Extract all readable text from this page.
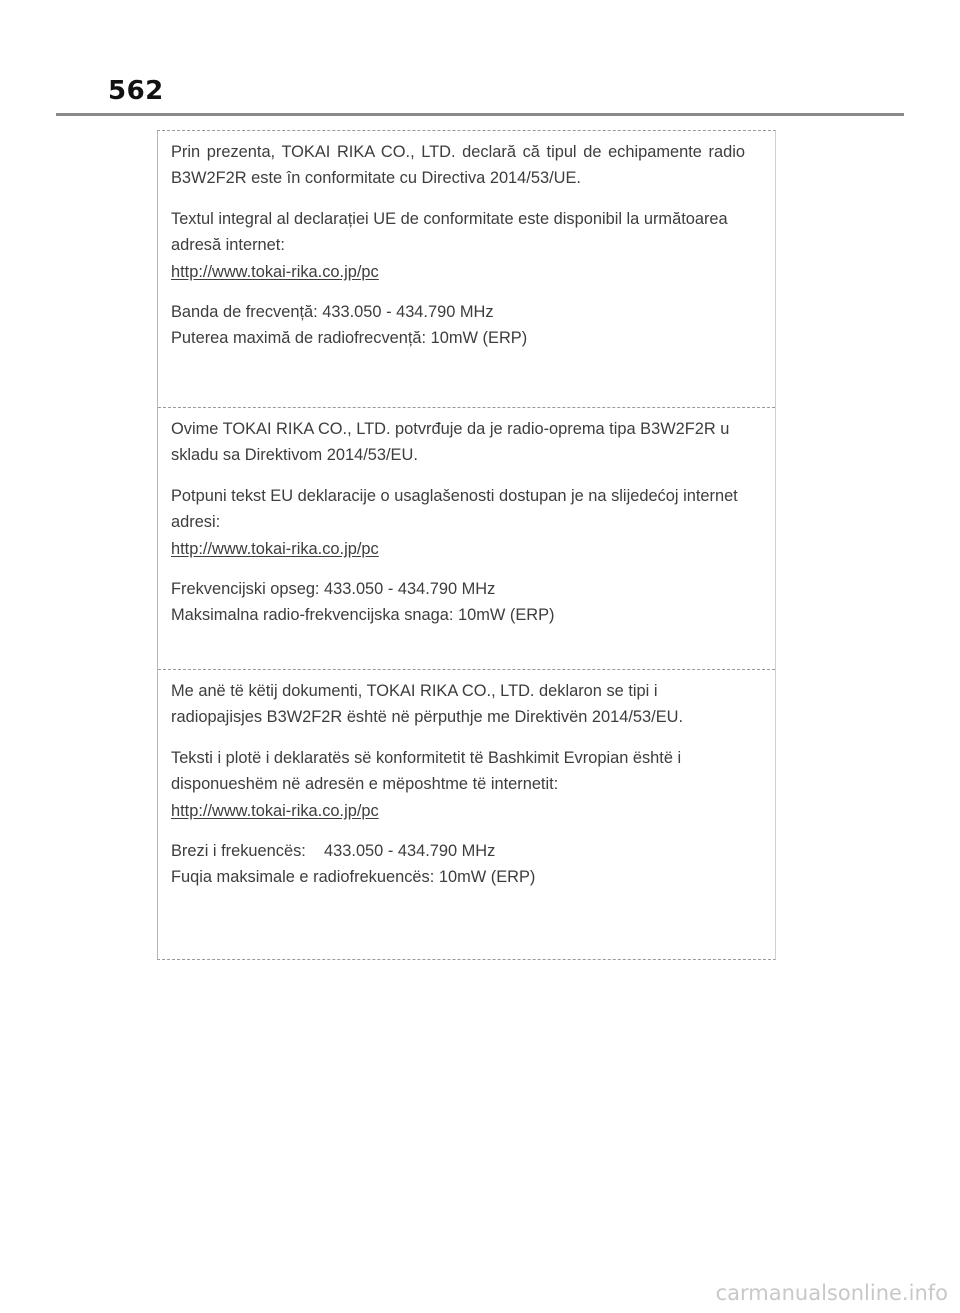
562

Prin prezenta, TOKAI RIKA CO., LTD. declară că tipul de echipamente radio B3W2F2R este în conformitate cu Directiva 2014/53/UE.

Textul integral al declarației UE de conformitate este disponibil la următoarea adresă internet:
http://www.tokai-rika.co.jp/pc

Banda de frecvență: 433.050 - 434.790 MHz
Puterea maximă de radiofrecvență: 10mW (ERP)

Ovime TOKAI RIKA CO., LTD. potvrđuje da je radio-oprema tipa B3W2F2R u skladu sa Direktivom 2014/53/EU.

Potpuni tekst EU deklaracije o usaglašenosti dostupan je na slijedećoj internet adresi:
http://www.tokai-rika.co.jp/pc

Frekvencijski opseg: 433.050 - 434.790 MHz
Maksimalna radio-frekvencijska snaga: 10mW (ERP)

Me anë të këtij dokumenti, TOKAI RIKA CO., LTD. deklaron se tipi i radiopajisjes B3W2F2R është në përputhje me Direktivën 2014/53/EU.

Teksti i plotë i deklaratës së konformitetit të Bashkimit Evropian është i disponueshëm në adresën e mëposhtme të internetit:
http://www.tokai-rika.co.jp/pc

Brezi i frekuencës:    433.050 - 434.790 MHz
Fuqia maksimale e radiofrekuencës: 10mW (ERP)

carmanualsonline.info
